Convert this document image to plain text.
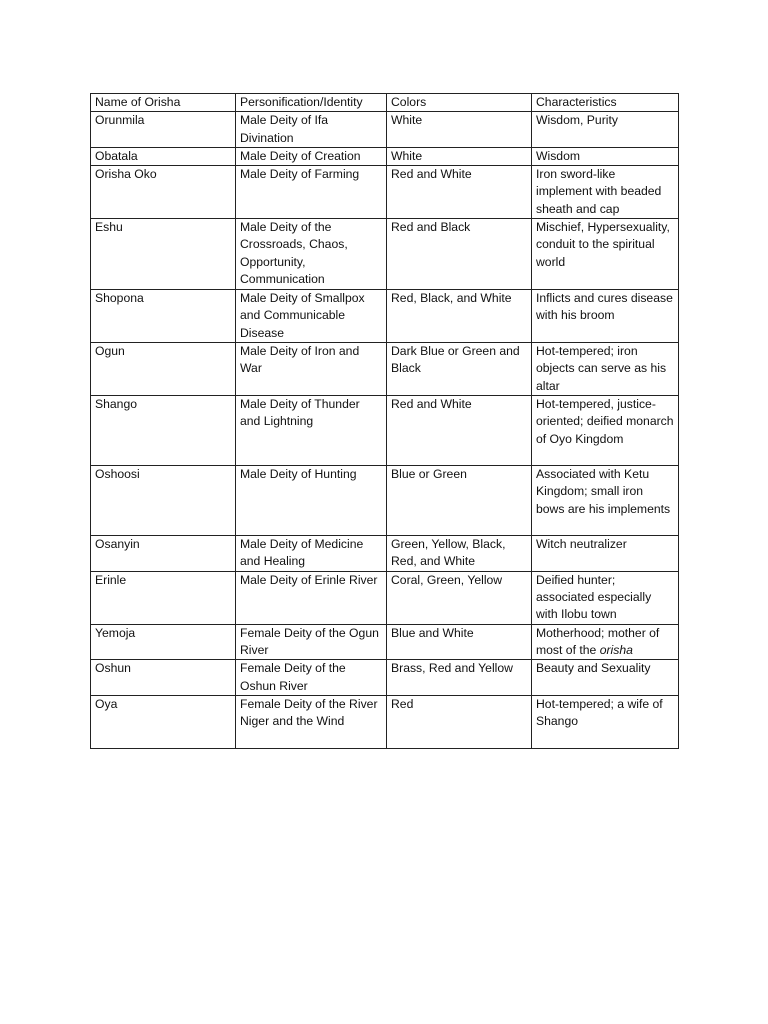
Name of Orisha	Personification/Identity	Colors	Characteristics
Orunmila	Male Deity of Ifa Divination	White	Wisdom, Purity
Obatala	Male Deity of Creation	White	Wisdom
Orisha Oko	Male Deity of Farming	Red and White	Iron sword-like implement with beaded sheath and cap
Eshu	Male Deity of the Crossroads, Chaos, Opportunity, Communication	Red and Black	Mischief, Hypersexuality, conduit to the spiritual world
Shopona	Male Deity of Smallpox and Communicable Disease	Red, Black, and White	Inflicts and cures disease with his broom
Ogun	Male Deity of Iron and War	Dark Blue or Green and Black	Hot-tempered; iron objects can serve as his altar
Shango	Male Deity of Thunder and Lightning	Red and White	Hot-tempered, justice-oriented; deified monarch of Oyo Kingdom
Oshoosi	Male Deity of Hunting	Blue or Green	Associated with Ketu Kingdom; small iron bows are his implements
Osanyin	Male Deity of Medicine and Healing	Green, Yellow, Black, Red, and White	Witch neutralizer
Erinle	Male Deity of Erinle River	Coral, Green, Yellow	Deified hunter; associated especially with Ilobu town
Yemoja	Female Deity of the Ogun River	Blue and White	Motherhood; mother of most of the orisha
Oshun	Female Deity of the Oshun River	Brass, Red and Yellow	Beauty and Sexuality
Oya	Female Deity of the River Niger and the Wind	Red	Hot-tempered; a wife of Shango
